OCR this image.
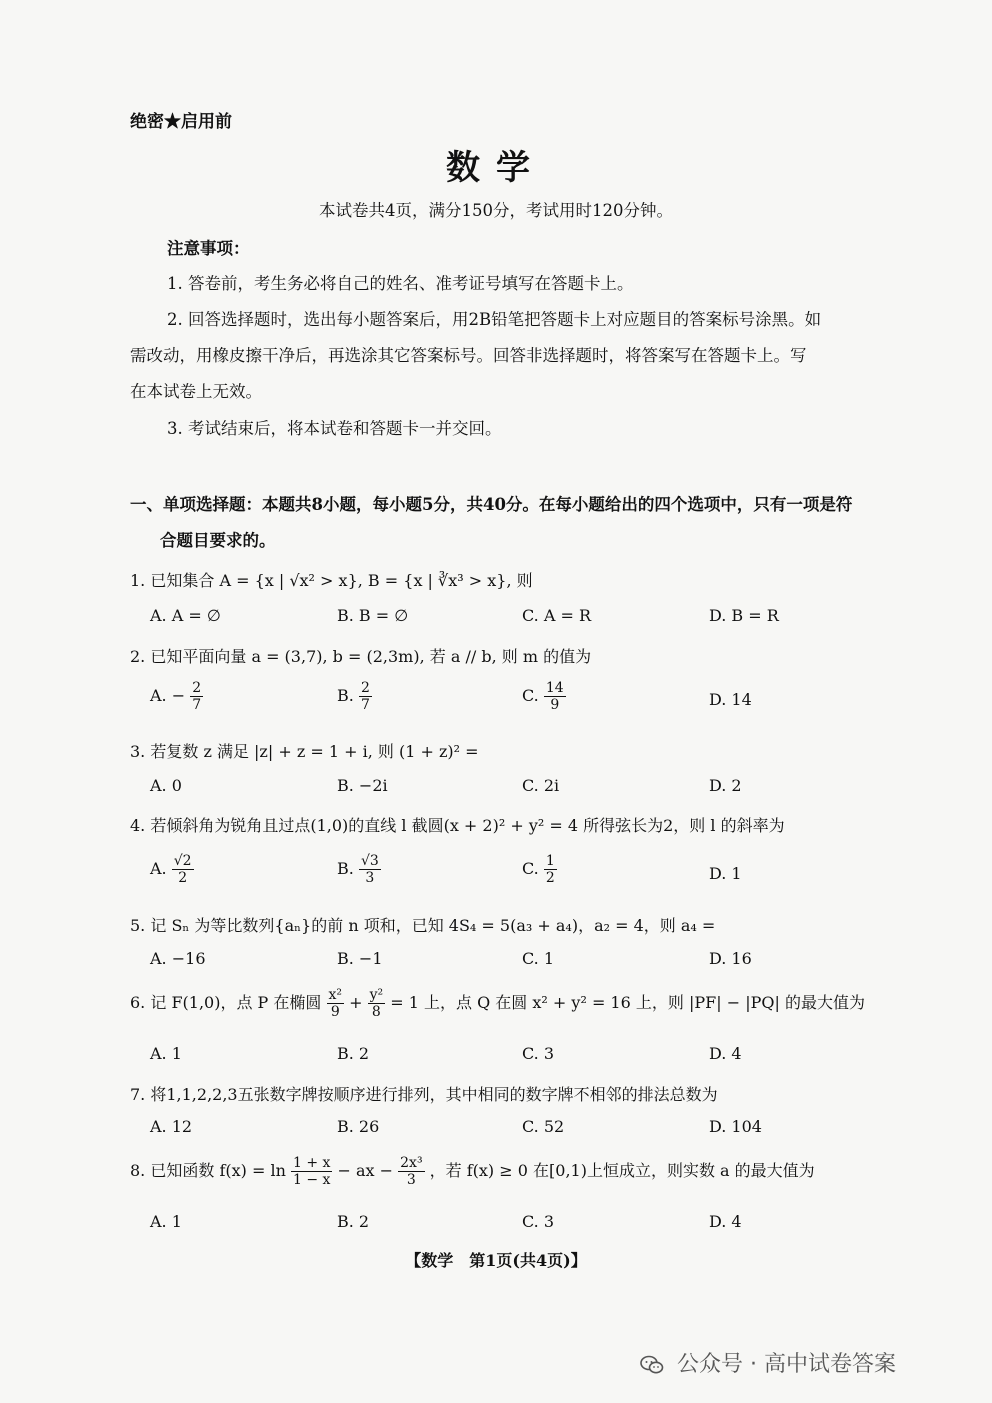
绝密★启用前
数学
本试卷共4页，满分150分，考试用时120分钟。
注意事项：
1. 答卷前，考生务必将自己的姓名、准考证号填写在答题卡上。
2. 回答选择题时，选出每小题答案后，用2B铅笔把答题卡上对应题目的答案标号涂黑。如
需改动，用橡皮擦干净后，再选涂其它答案标号。回答非选择题时，将答案写在答题卡上。写
在本试卷上无效。
3. 考试结束后，将本试卷和答题卡一并交回。
一、单项选择题：本题共8小题，每小题5分，共40分。在每小题给出的四个选项中，只有一项是符
合题目要求的。
1. 已知集合 A = {x | √x² > x}, B = {x | ∛x³ > x}, 则
A. A = ∅	B. B = ∅	C. A = R	D. B = R
2. 已知平面向量 a = (3,7), b = (2,3m), 若 a // b, 则 m 的值为
A. − $\frac{2}{7}$	B. $\frac{2}{7}$	C. $\frac{14}{9}$	D. 14
3. 若复数 z 满足 |z| + z = 1 + i, 则 (1 + z)² =
A. 0	B. −2i	C. 2i	D. 2
4. 若倾斜角为锐角且过点(1,0)的直线 l 截圆(x + 2)² + y² = 4 所得弦长为2，则 l 的斜率为
A. $\frac{√2}{2}$	B. $\frac{√3}{3}$	C. $\frac{1}{2}$	D. 1
5. 记 Sₙ 为等比数列{aₙ}的前 n 项和，已知 4S₄ = 5(a₃ + a₄)，a₂ = 4，则 a₄ =
A. −16	B. −1	C. 1	D. 16
6. 记 F(1,0)，点 P 在椭圆 $\frac{\text{x²}}{9} + \frac{\text{y²}}{8} = 1$ 上，点 Q 在圆 x² + y² = 16 上，则 |PF| − |PQ| 的最大值为
A. 1	B. 2	C. 3	D. 4
7. 将1,1,2,2,3五张数字牌按顺序进行排列，其中相同的数字牌不相邻的排法总数为
A. 12	B. 26	C. 52	D. 104
8. 已知函数 $f(x) = \ln \frac{1 + x}{1 - x}$ − ax − $\frac{\text{2x³}}{3}$ ，若 f(x) ≥ 0 在[0,1)上恒成立，则实数 a 的最大值为
A. 1	B. 2	C. 3	D. 4
【数学　第1页(共4页)】
公众号 · 高中试卷答案
